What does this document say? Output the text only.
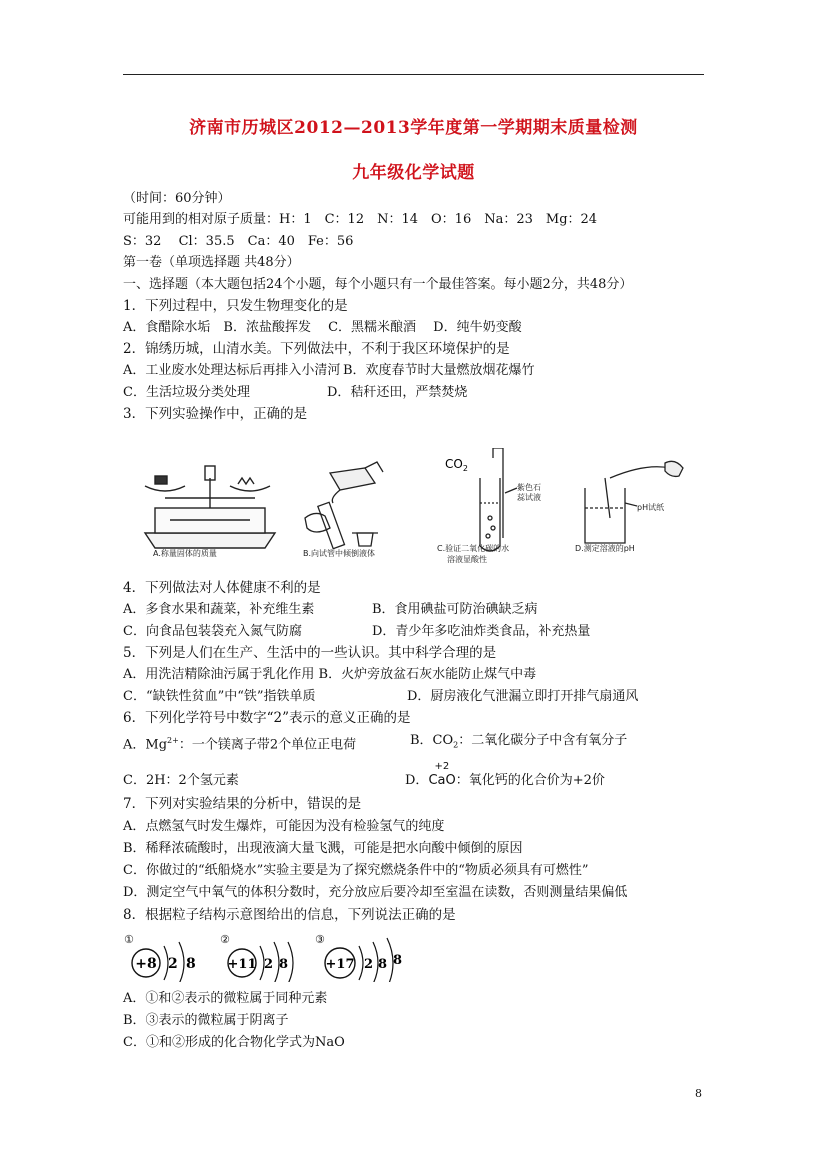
济南市历城区2012—2013学年度第一学期期末质量检测
九年级化学试题
（时间：60分钟）
可能用到的相对原子质量：H：1　C：12　N：14　O：16　Na：23　Mg：24
S：32　 Cl：35.5　Ca：40　Fe：56
第一卷（单项选择题 共48分）
一、选择题（本大题包括24个小题，每个小题只有一个最佳答案。每小题2分，共48分）
1．下列过程中，只发生物理变化的是
A．食醋除水垢　B．浓盐酸挥发　 C．黑糯米酿酒　 D．纯牛奶变酸
2．锦绣历城，山清水美。下列做法中，不利于我区环境保护的是
A．工业废水处理达标后再排入小清河 B．欢度春节时大量燃放烟花爆竹
C．生活垃圾分类处理	D．秸秆还田，严禁焚烧
3．下列实验操作中，正确的是
A.称量固体的质量	B.向试管中倾倒液体
C.验证二氧化碳的水
溶液显酸性
D.测定溶液的pH
$CO_2$
紫色石
蕊试液
pH试纸
4．下列做法对人体健康不利的是
A．多食水果和蔬菜，补充维生素	B．食用碘盐可防治碘缺乏病
C．向食品包装袋充入氮气防腐	D．青少年多吃油炸类食品，补充热量
5．下列是人们在生产、生活中的一些认识。其中科学合理的是
A．用洗洁精除油污属于乳化作用 B．火炉旁放盆石灰水能防止煤气中毒
C．“缺铁性贫血”中“铁”指铁单质	D．厨房液化气泄漏立即打开排气扇通风
6．下列化学符号中数字“2”表示的意义正确的是
A．$Mg^{2+}$：一个镁离子带2个单位正电荷	B．$CO_2$：二氧化碳分子中含有氧分子
C．2H：2个氢元素	D．
+2
CaO：氧化钙的化合价为+2价
7．下列对实验结果的分析中，错误的是
A．点燃氢气时发生爆炸，可能因为没有检验氢气的纯度
B．稀释浓硫酸时，出现液滴大量飞溅，可能是把水向酸中倾倒的原因
C．你做过的“纸船烧水”实验主要是为了探究燃烧条件中的“物质必须具有可燃性”
D．测定空气中氧气的体积分数时，充分放应后要冷却至室温在读数，否则测量结果偏低
8．根据粒子结构示意图给出的信息，下列说法正确的是
①
+8 2 8
②
+11 2 8
③
+17 2 8 8
A．①和②表示的微粒属于同种元素
B．③表示的微粒属于阴离子
C．①和②形成的化合物化学式为NaO
8
